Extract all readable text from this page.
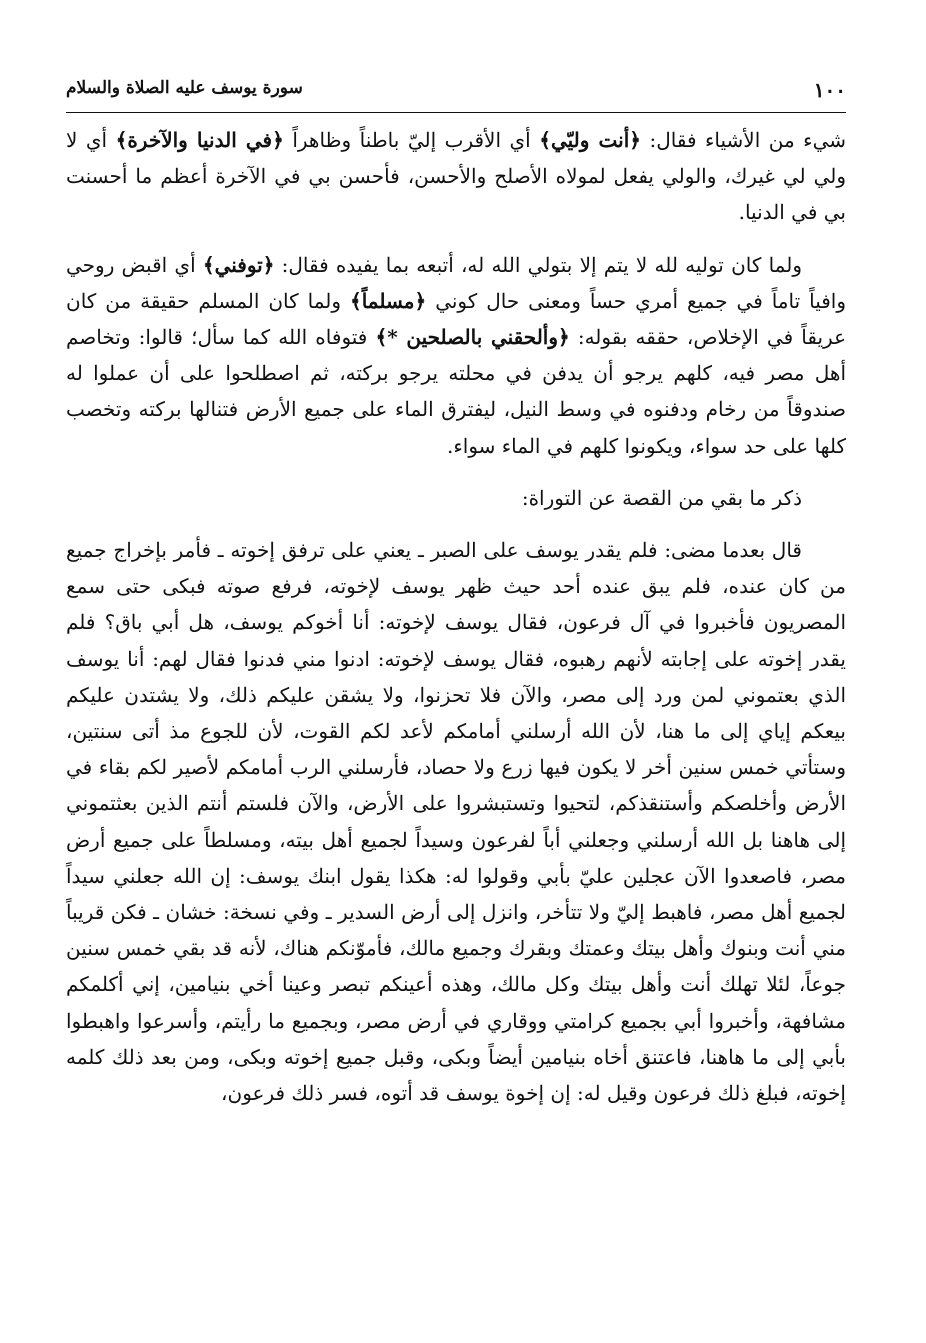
١٠٠
سورة يوسف عليه الصلاة والسلام

شيء من الأشياء فقال: ﴿أنت وليّي﴾ أي الأقرب إليّ باطناً وظاهراً ﴿في الدنيا والآخرة﴾ أي لا ولي لي غيرك، والولي يفعل لمولاه الأصلح والأحسن، فأحسن بي في الآخرة أعظم ما أحسنت بي في الدنيا.

ولما كان توليه لله لا يتم إلا بتولي الله له، أتبعه بما يفيده فقال: ﴿توفني﴾ أي اقبض روحي وافياً تاماً في جميع أمري حساً ومعنى حال كوني ﴿مسلماً﴾ ولما كان المسلم حقيقة من كان عريقاً في الإخلاص، حققه بقوله: ﴿وألحقني بالصلحين *﴾ فتوفاه الله كما سأل؛ قالوا: وتخاصم أهل مصر فيه، كلهم يرجو أن يدفن في محلته يرجو بركته، ثم اصطلحوا على أن عملوا له صندوقاً من رخام ودفنوه في وسط النيل، ليفترق الماء على جميع الأرض فتنالها بركته وتخصب كلها على حد سواء، ويكونوا كلهم في الماء سواء.

ذكر ما بقي من القصة عن التوراة:

قال بعدما مضى: فلم يقدر يوسف على الصبر ـ يعني على ترفق إخوته ـ فأمر بإخراج جميع من كان عنده، فلم يبق عنده أحد حيث ظهر يوسف لإخوته، فرفع صوته فبكى حتى سمع المصريون فأخبروا في آل فرعون، فقال يوسف لإخوته: أنا أخوكم يوسف، هل أبي باق؟ فلم يقدر إخوته على إجابته لأنهم رهبوه، فقال يوسف لإخوته: ادنوا مني فدنوا فقال لهم: أنا يوسف الذي بعتموني لمن ورد إلى مصر، والآن فلا تحزنوا، ولا يشقن عليكم ذلك، ولا يشتدن عليكم بيعكم إياي إلى ما هنا، لأن الله أرسلني أمامكم لأعد لكم القوت، لأن للجوع مذ أتى سنتين، وستأتي خمس سنين أخر لا يكون فيها زرع ولا حصاد، فأرسلني الرب أمامكم لأصير لكم بقاء في الأرض وأخلصكم وأستنقذكم، لتحيوا وتستبشروا على الأرض، والآن فلستم أنتم الذين بعثتموني إلى هاهنا بل الله أرسلني وجعلني أباً لفرعون وسيداً لجميع أهل بيته، ومسلطاً على جميع أرض مصر، فاصعدوا الآن عجلين عليّ بأبي وقولوا له: هكذا يقول ابنك يوسف: إن الله جعلني سيداً لجميع أهل مصر، فاهبط إليّ ولا تتأخر، وانزل إلى أرض السدير ـ وفي نسخة: خشان ـ فكن قريباً مني أنت وبنوك وأهل بيتك وعمتك وبقرك وجميع مالك، فأموّنكم هناك، لأنه قد بقي خمس سنين جوعاً، لئلا تهلك أنت وأهل بيتك وكل مالك، وهذه أعينكم تبصر وعينا أخي بنيامين، إني أكلمكم مشافهة، وأخبروا أبي بجميع كرامتي ووقاري في أرض مصر، وبجميع ما رأيتم، وأسرعوا واهبطوا بأبي إلى ما هاهنا، فاعتنق أخاه بنيامين أيضاً وبكى، وقبل جميع إخوته وبكى، ومن بعد ذلك كلمه إخوته، فبلغ ذلك فرعون وقيل له: إن إخوة يوسف قد أتوه، فسر ذلك فرعون،
